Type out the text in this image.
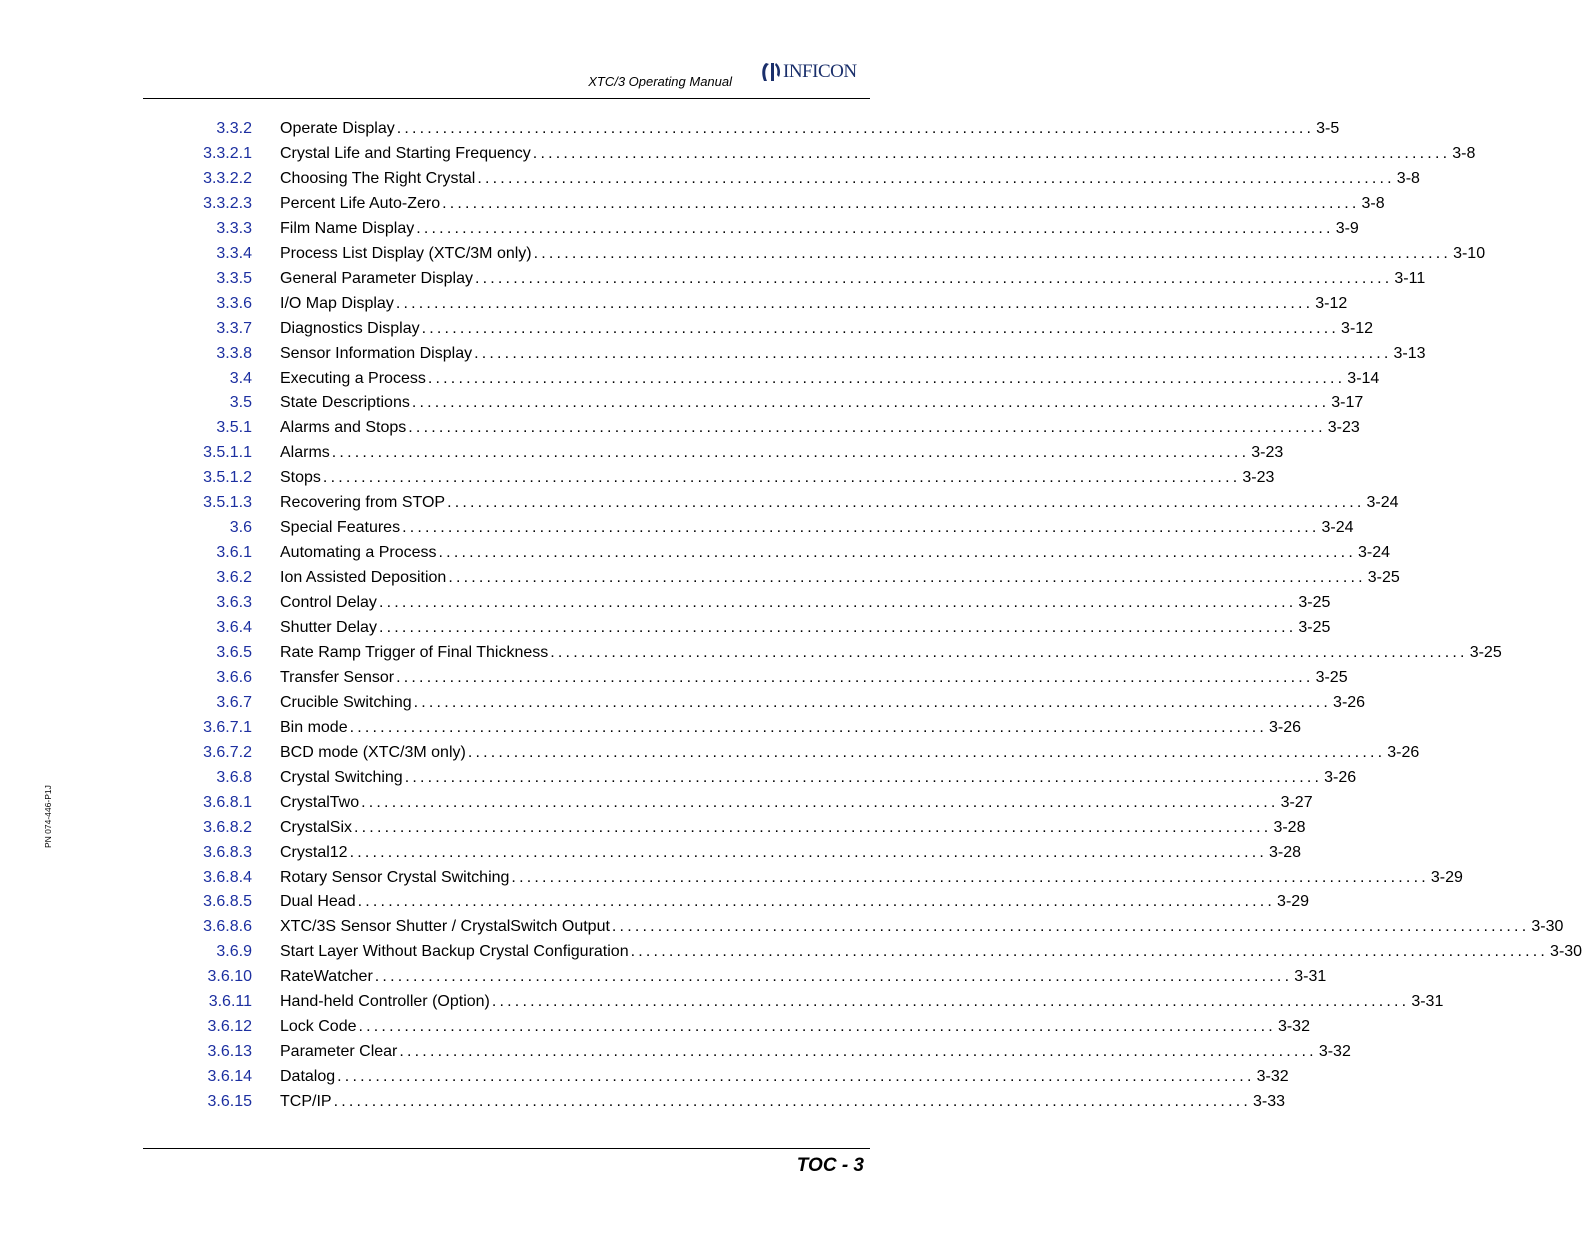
XTC/3 Operating Manual	INFICON
PN 074-446-P1J
3.3.2 Operate Display ........................................................................................................................ 3-5
3.3.2.1 Crystal Life and Starting Frequency ........................................................................................................................ 3-8
3.3.2.2 Choosing The Right Crystal ........................................................................................................................ 3-8
3.3.2.3 Percent Life Auto-Zero ........................................................................................................................ 3-8
3.3.3 Film Name Display ........................................................................................................................ 3-9
3.3.4 Process List Display (XTC/3M only) ........................................................................................................................ 3-10
3.3.5 General Parameter Display ........................................................................................................................ 3-11
3.3.6 I/O Map Display ........................................................................................................................ 3-12
3.3.7 Diagnostics Display ........................................................................................................................ 3-12
3.3.8 Sensor Information Display ........................................................................................................................ 3-13
3.4 Executing a Process ........................................................................................................................ 3-14
3.5 State Descriptions ........................................................................................................................ 3-17
3.5.1 Alarms and Stops ........................................................................................................................ 3-23
3.5.1.1 Alarms ........................................................................................................................ 3-23
3.5.1.2 Stops ........................................................................................................................ 3-23
3.5.1.3 Recovering from STOP ........................................................................................................................ 3-24
3.6 Special Features ........................................................................................................................ 3-24
3.6.1 Automating a Process ........................................................................................................................ 3-24
3.6.2 Ion Assisted Deposition ........................................................................................................................ 3-25
3.6.3 Control Delay ........................................................................................................................ 3-25
3.6.4 Shutter Delay ........................................................................................................................ 3-25
3.6.5 Rate Ramp Trigger of Final Thickness ........................................................................................................................ 3-25
3.6.6 Transfer Sensor ........................................................................................................................ 3-25
3.6.7 Crucible Switching ........................................................................................................................ 3-26
3.6.7.1 Bin mode ........................................................................................................................ 3-26
3.6.7.2 BCD mode (XTC/3M only) ........................................................................................................................ 3-26
3.6.8 Crystal Switching ........................................................................................................................ 3-26
3.6.8.1 CrystalTwo ........................................................................................................................ 3-27
3.6.8.2 CrystalSix ........................................................................................................................ 3-28
3.6.8.3 Crystal12 ........................................................................................................................ 3-28
3.6.8.4 Rotary Sensor Crystal Switching ........................................................................................................................ 3-29
3.6.8.5 Dual Head ........................................................................................................................ 3-29
3.6.8.6 XTC/3S Sensor Shutter / CrystalSwitch Output ........................................................................................................................ 3-30
3.6.9 Start Layer Without Backup Crystal Configuration ........................................................................................................................ 3-30
3.6.10 RateWatcher ........................................................................................................................ 3-31
3.6.11 Hand-held Controller (Option) ........................................................................................................................ 3-31
3.6.12 Lock Code ........................................................................................................................ 3-32
3.6.13 Parameter Clear ........................................................................................................................ 3-32
3.6.14 Datalog ........................................................................................................................ 3-32
3.6.15 TCP/IP ........................................................................................................................ 3-33
TOC - 3
